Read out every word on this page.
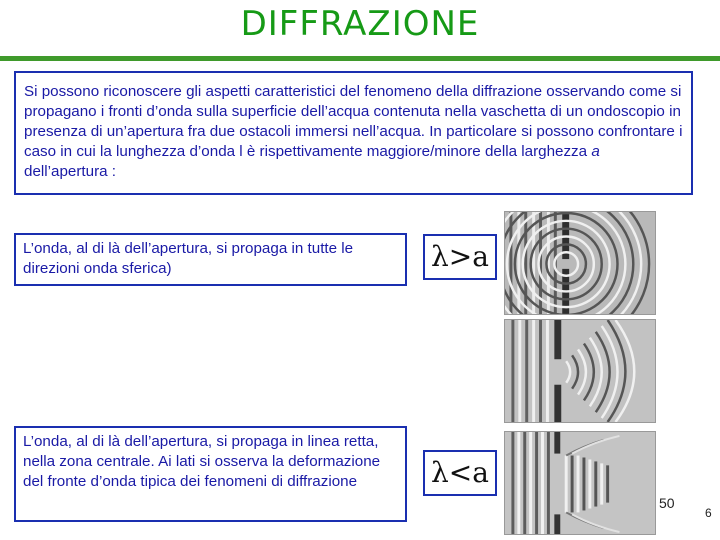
DIFFRAZIONE
Si possono riconoscere gli aspetti caratteristici del fenomeno della diffrazione osservando come si propagano i fronti d’onda sulla superficie dell’acqua contenuta nella vaschetta di un ondoscopio in presenza di un’apertura fra due ostacoli immersi nell’acqua. In particolare si possono confrontare i caso in cui la lunghezza d’onda l è rispettivamente maggiore/minore della larghezza a dell’apertura :
L’onda, al di là dell’apertura, si propaga in tutte le direzioni onda sferica)	λ>a
L’onda, al di là dell’apertura, si propaga in linea retta, nella zona centrale. Ai lati si osserva la deformazione del fronte d’onda tipica dei fenomeni di diffrazione	λ<a
50
6
